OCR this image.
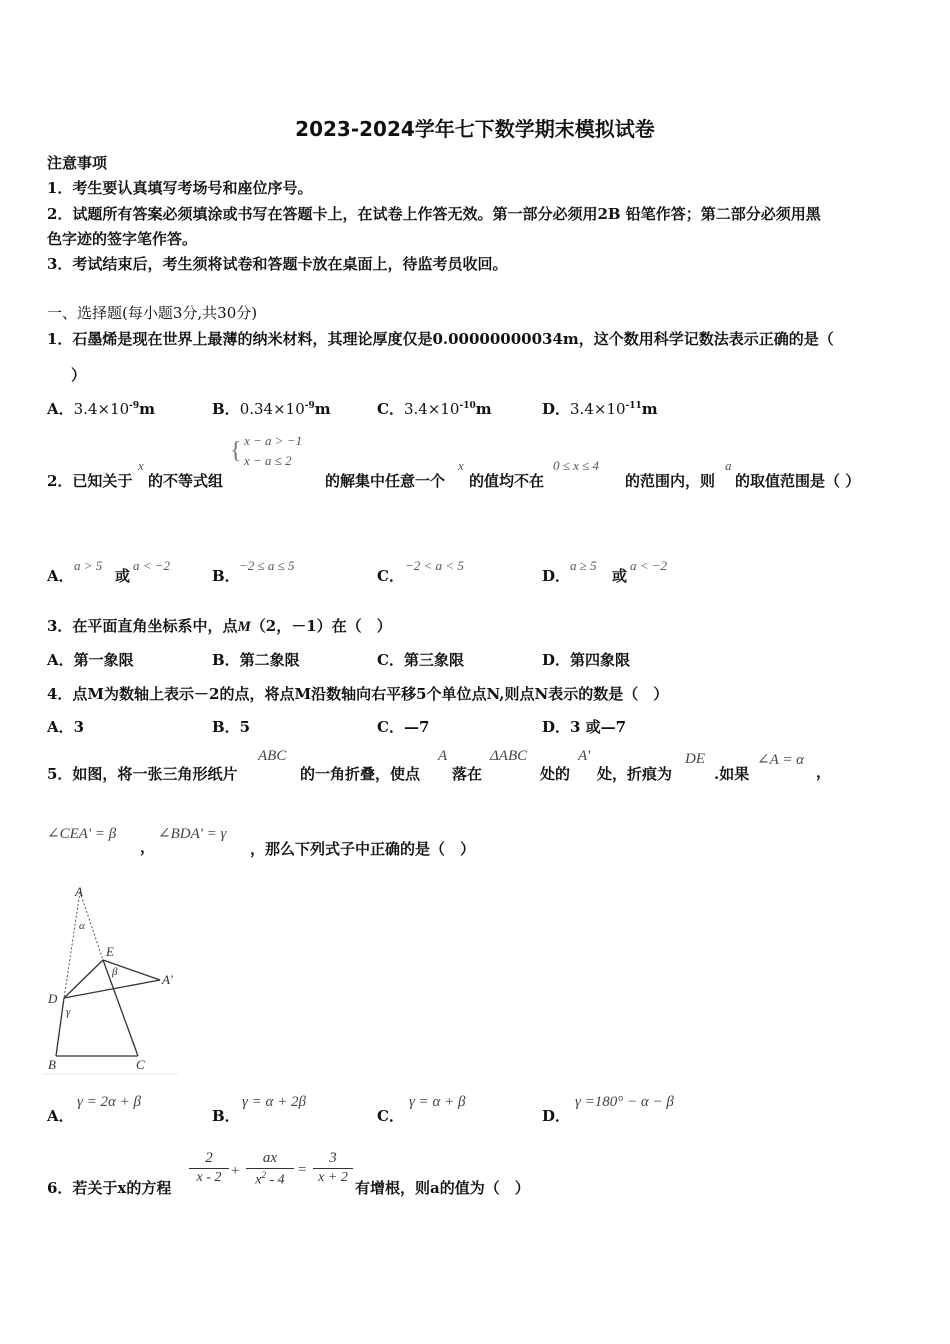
2023-2024学年七下数学期末模拟试卷
注意事项
1．考生要认真填写考场号和座位序号。
2．试题所有答案必须填涂或书写在答题卡上，在试卷上作答无效。第一部分必须用2B 铅笔作答；第二部分必须用黑
色字迹的签字笔作答。
3．考试结束后，考生须将试卷和答题卡放在桌面上，待监考员收回。
一、选择题(每小题3分,共30分)
1．石墨烯是现在世界上最薄的纳米材料，其理论厚度仅是0.00000000034m，这个数用科学记数法表示正确的是（
）
A．$3.4\times 10^{-9}m$	B．$0.34\times 10^{-9}m$	C．$3.4\times 10^{-10}m$	D．$3.4\times 10^{-11}m$
2．已知关于
x
的不等式组
{ x − a > −1
x − a ≤ 2
的解集中任意一个
x
的值均不在
0 ≤ x ≤ 4
的范围内，则
a
的取值范围是（ ）
A．
a > 5
或
a < −2
B．
−2 ≤ a ≤ 5
C．
−2 < a < 5
D．
a ≥ 5
或
a < −2
3．在平面直角坐标系中，点M（2，－1）在（　）
A．第一象限	B．第二象限	C．第三象限	D．第四象限
4．点M为数轴上表示－2的点，将点M沿数轴向右平移5个单位点N,则点N表示的数是（　）
A．3	B．5	C．—7	D．3 或—7
5．如图，将一张三角形纸片
ABC
的一角折叠，使点
A
落在
ΔABC
处的
A'
处，折痕为
DE
.如果
∠A = α
，
∠CEA' = β
，
∠BDA' = γ
，那么下列式子中正确的是（　）
A
α
E
β	A'
D
γ
B	C
A．
γ = 2α + β
B．
γ = α + 2β
C．
γ = α + β
D．
γ =180° − α − β
6．若关于x的方程
2
x - 2 +
ax
$x^2 - 4$
=
3
x + 2
有增根，则a的值为（　）
